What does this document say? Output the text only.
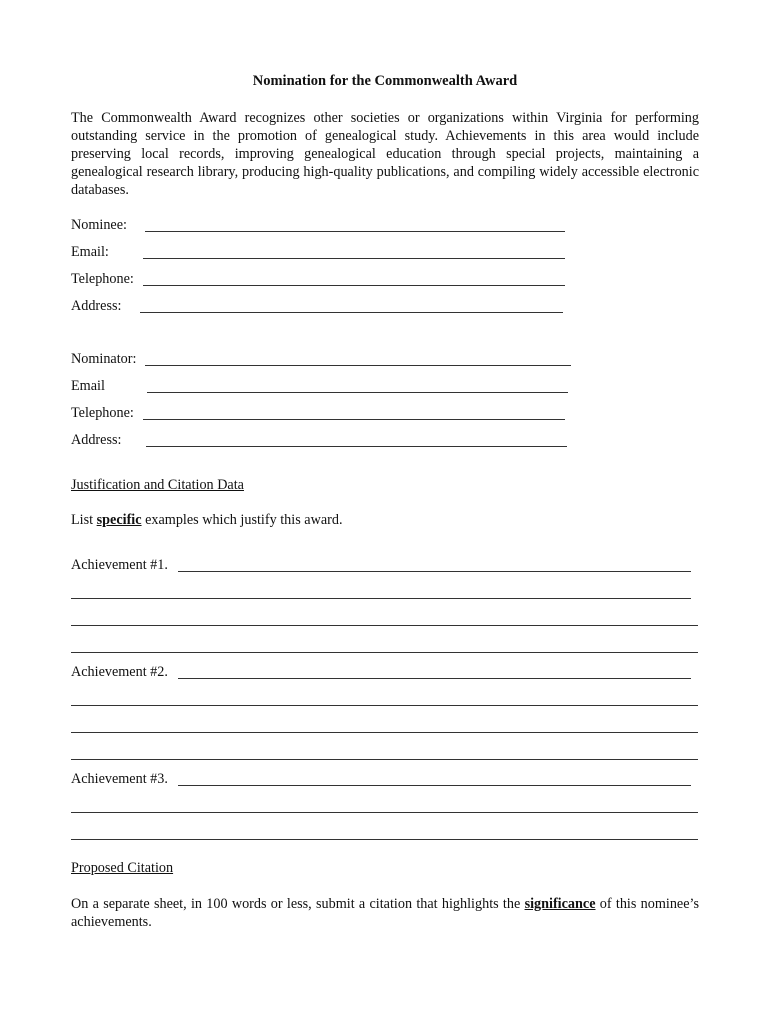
Nomination for the Commonwealth Award
The Commonwealth Award recognizes other societies or organizations within Virginia for performing outstanding service in the promotion of genealogical study. Achievements in this area would include preserving local records, improving genealogical education through special projects, maintaining a genealogical research library, producing high-quality publications, and compiling widely accessible electronic databases.
Nominee:
Email:
Telephone:
Address:
Nominator:
Email
Telephone:
Address:
Justification and Citation Data
List specific examples which justify this award.
Achievement #1.
Achievement #2.
Achievement #3.
Proposed Citation
On a separate sheet, in 100 words or less, submit a citation that highlights the significance of this nominee’s achievements.
